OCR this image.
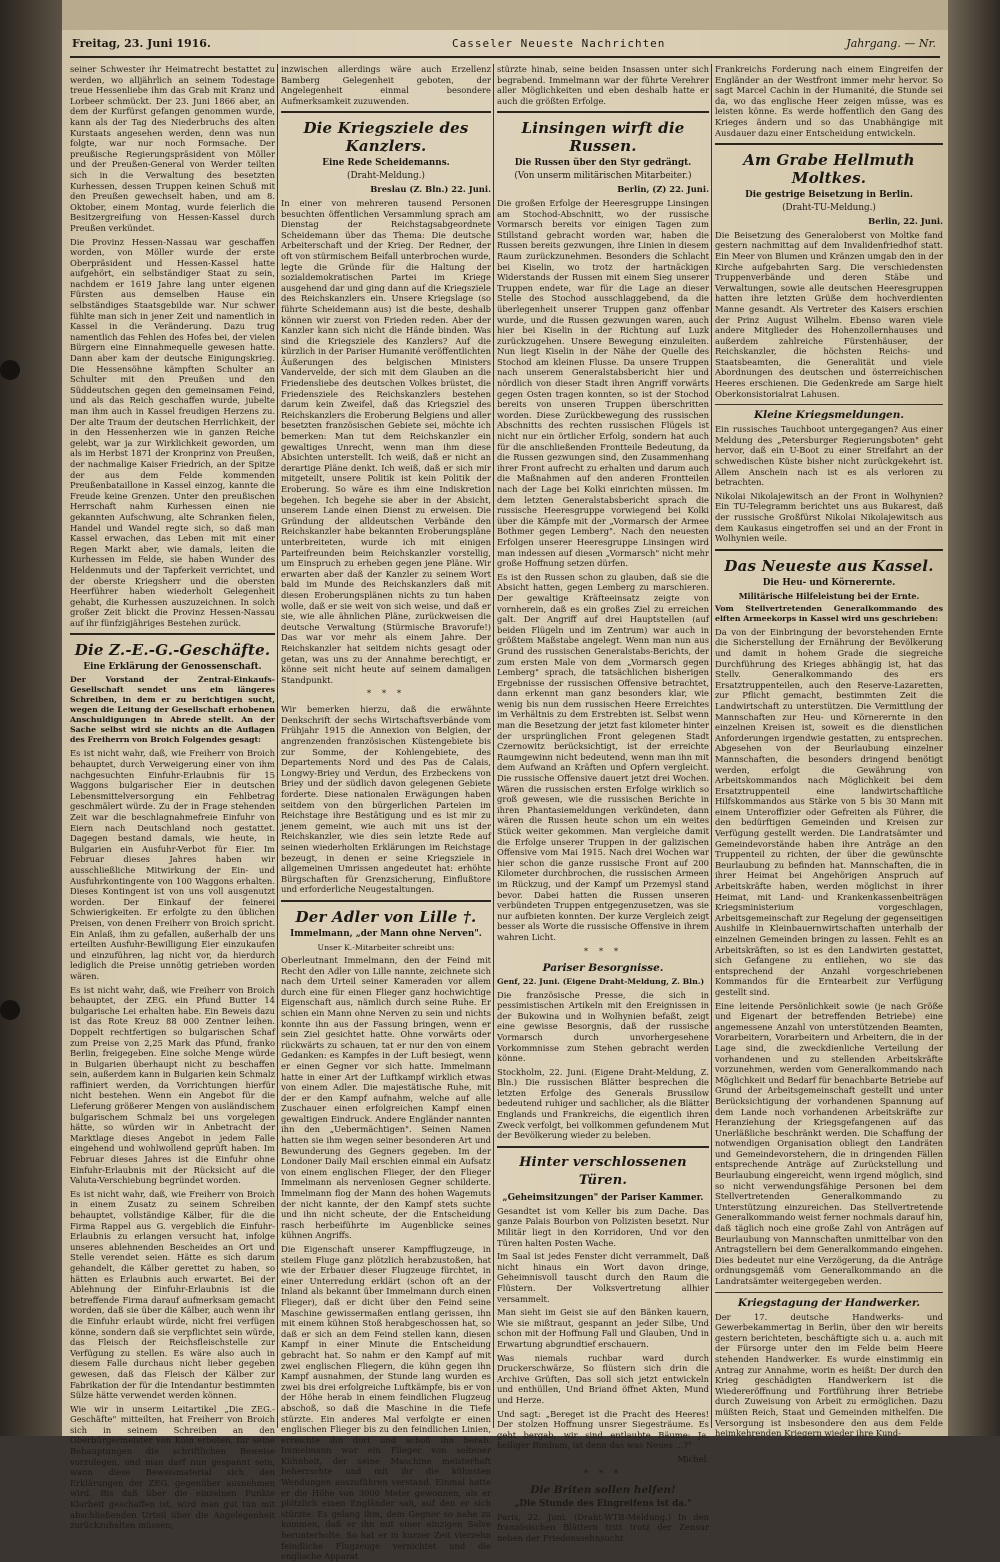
Freitag, 23. Juni 1916.	Casseler Neueste Nachrichten	Jahrgang. — Nr.

seiner Schwester ihr Heimatrecht bestattet zu werden, wo alljährlich an seinem Todestage treue Hessenliebe ihm das Grab mit Kranz und Lorbeer schmückt. Der 23. Juni 1866 aber, an dem der Kurfürst gefangen genommen wurde, kann als der Tag des Niederbruchs des alten Kurstaats angesehen werden, denn was nun folgte, war nur noch Formsache. Der preußische Regierungspräsident von Möller und der Preußen-General von Werder teilten sich in die Verwaltung des besetzten Kurhessen, dessen Truppen keinen Schuß mit den Preußen gewechselt haben, und am 8. Oktober, einem Montag, wurde feierlich die Besitzergreifung von Hessen-Kassel durch Preußen verkündet.

Die Provinz Hessen-Nassau war geschaffen worden, von Möller wurde der erste Oberpräsident und Hessen-Kassel hatte aufgehört, ein selbständiger Staat zu sein, nachdem er 1619 Jahre lang unter eigenen Fürsten aus demselben Hause ein selbständiges Staatsgebilde war. Nur schwer fühlte man sich in jener Zeit und namentlich in Kassel in die Veränderung. Dazu trug namentlich das Fehlen des Hofes bei, der vielen Bürgern eine Einnahmequelle gewesen hatte. Dann aber kam der deutsche Einigungskrieg. Die Hessensöhne kämpften Schulter an Schulter mit den Preußen und den Süddeutschen gegen den gemeinsamen Feind, und als das Reich geschaffen wurde, jubelte man ihm auch in Kassel freudigen Herzens zu. Der alte Traum der deutschen Herrlichkeit, der in den Hessenherzen wie in ganzen Reiche gelebt, war ja zur Wirklichkeit geworden, um als im Herbst 1871 der Kronprinz von Preußen, der nachmalige Kaiser Friedrich, an der Spitze der aus dem Felde kommenden Preußenbataillone in Kassel einzog, kannte die Freude keine Grenzen. Unter den preußischen Herrschaft nahm Kurhessen einen nie gekannten Aufschwung, alte Schranken fielen, Handel und Wandel regte sich, so daß man Kassel erwachen, das Leben mit mit einer Regen Markt aber, wie damals, leiten die Kurhessen im Felde, sie haben Wunder des Heldenmuts und der Tapferkeit verrichtet, und der oberste Kriegsherr und die obersten Heerführer haben wiederholt Gelegenheit gehabt, die Kurhessen auszuzeichnen. In solch großer Zeit blickt die Provinz Hessen-Nassau auf ihr fünfzigjähriges Bestehen zurück.

Die Z.-E.-G.-Geschäfte.
Eine Erklärung der Genossenschaft.

Der Vorstand der Zentral-Einkaufs-Gesellschaft sendet uns ein längeres Schreiben, in dem er zu berichtigen sucht, wegen die Leitung der Gesellschaft erhobenen Anschuldigungen in Abrede stellt. An der Sache selbst wird sie nichts an die Auflagen des Freiherrn von Broich Folgendes gesagt:

Es ist nicht wahr, daß, wie Freiherr von Broich behauptet, durch Verweigerung einer von ihm nachgesuchten Einfuhr-Erlaubnis für 15 Waggons bulgarischer Eier in deutschen Lebensmittelversorgung ein Fehlbetrag geschmälert würde. Zu der in Frage stehenden Zeit war die beschlagnahmefreie Einfuhr von Eiern nach Deutschland noch gestattet. Dagegen bestand damals, wie heute, in Bulgarien ein Ausfuhr-Verbot für Eier. Im Februar dieses Jahres haben wir ausschließliche Mitwirkung der Ein- und Ausfuhrkontingente von 100 Waggons erhalten. Dieses Kontingent ist von uns voll ausgenutzt worden. Der Einkauf der feinerei Schwierigkeiten. Er erfolgte zu den üblichen Preisen, von denen Freiherr von Broich spricht. Ein Anlaß, ihm zu gefallen, außerhalb der uns erteilten Ausfuhr-Bewilligung Eier einzukaufen und einzuführen, lag nicht vor, da hierdurch lediglich die Preise unnötig getrieben worden wären.

Es ist nicht wahr, daß, wie Freiherr von Broich behauptet, der ZEG. ein Pfund Butter 14 bulgarische Lei erhalten habe. Ein Beweis dazu ist das Rote Kreuz 88 000 Zentner leihen. Doppelt rechtfertigen so bulgarischen Schaf zum Preise von 2,25 Mark das Pfund, franko Berlin, freigegeben. Eine solche Menge würde in Bulgarien überhaupt nicht zu beschaffen sein, außerdem kann in Bulgarien kein Schmalz raffiniert werden, da Vorrichtungen hierfür nicht bestehen. Wenn ein Angebot für die Lieferung größerer Mengen von ausländischem bulgarischem Schmalz bei uns vorgelegen hätte, so würden wir in Anbetracht der Marktlage dieses Angebot in jedem Falle eingehend und wohlwollend geprüft haben. Im Februar dieses Jahres ist die Einfuhr ohne Einfuhr-Erlaubnis mit der Rücksicht auf die Valuta-Verschiebung begründet worden.

Es ist nicht wahr, daß, wie Freiherr von Broich in einem Zusatz zu seinem Schreiben behauptet, vollständige Kälber, für die die Firma Rappel aus G. vergeblich die Einfuhr-Erlaubnis zu erlangen versucht hat, infolge unseres ablehnenden Bescheides an Ort und Stelle verendet seien. Hätte es sich darum gehandelt, die Kälber gerettet zu haben, so hätten es Erlaubnis auch erwartet. Bei der Ablehnung der Einfuhr-Erlaubnis ist die betreffende Firma darauf aufmerksam gemacht worden, daß sie über die Kälber, auch wenn ihr die Einfuhr erlaubt würde, nicht frei verfügen könne, sondern daß sie verpflichtet sein würde, das Fleisch der Reichsfleischstelle zur Verfügung zu stellen. Es wäre also auch in diesem Falle durchaus nicht lieber gegeben gewesen, daß das Fleisch der Kälber zur Fabrikation der für die Intendantur bestimmten Sülze hätte verwendet werden können.

Wie wir in unserm Leitartikel „Die ZEG.-Geschäfte" mitteilten, hat Freiherr von Broich sich in seinem Schreiben an den Oberbürgermeister von Köln erboten, für seine Behauptungen die schriftlichen Beweise vorzulegen, und man darf nun gespannt sein, wann diese Beweismaterial sich den Erklärungen der ZEG. gegenüber ausnehmen wird. Bis daß über die einzelnen Punkte Klarheit geschaffen ist, wird man gut tun mit abschließenden Urteil über die Angelegenheit zurückzuhalten müssen;

inzwischen allerdings wäre auch Erzellenz Bamberg Gelegenheit geboten, der Angelegenheit einmal besondere Aufmerksamkeit zuzuwenden.

Die Kriegsziele des Kanzlers.
Eine Rede Scheidemanns.
(Draht-Meldung.)

Breslau (Z. Bln.) 22. Juni.

In einer von mehreren tausend Personen besuchten öffentlichen Versammlung sprach am Dienstag der Reichstagsabgeordnete Scheidemann über das Thema: Die deutsche Arbeiterschaft und der Krieg. Der Redner, der oft von stürmischem Beifall unterbrochen wurde, legte die Gründe für die Haltung der sozialdemokratischen Partei im Kriege ausgehend dar und ging dann auf die Kriegsziele des Reichskanzlers ein. Unsere Kriegslage (so führte Scheidemann aus) ist die beste, deshalb können wir zuerst von Frieden reden. Aber der Kanzler kann sich nicht die Hände binden. Was sind die Kriegsziele des Kanzlers? Auf die kürzlich in der Pariser Humanité veröffentlichten Äußerungen des belgischen Ministers Vandervelde, der sich mit dem Glauben an die Friedensliebe des deutschen Volkes brüstet, die Friedensziele des Reichskanzlers bestehen darum kein Zweifel, daß das Kriegsziel des Reichskanzlers die Eroberung Belgiens und aller besetzten französischen Gebiete sei, möchte ich bemerken: Man tut dem Reichskanzler ein gewaltiges Unrecht, wenn man ihm diese Absichten unterstellt. Ich weiß, daß er nicht an derartige Pläne denkt. Ich weiß, daß er sich mir mitgeteilt, unsere Politik ist kein Politik der Eroberung. So wäre es ihm eine Indiskretion begehen. Ich begehe sie aber in der Absicht, unserem Lande einen Dienst zu erweisen. Die Gründung der alldeutschen Verbände den Reichskanzler habe bekannten Eroberungspläne unterbreiteten, wurde ich mit einigen Parteifreunden beim Reichskanzler vorstellig, um Einspruch zu erheben gegen jene Pläne. Wir erwarten aber daß der Kanzler zu seinem Wort bald im Munde des Reichskanzlers daß mit diesen Eroberungsplänen nichts zu tun haben wolle, daß er sie weit von sich weise, und daß er sie, wie alle ähnlichen Pläne, zurückweisen die deutsche Verwaltung (Stürmische Bravorufe!) Das war vor mehr als einem Jahre. Der Reichskanzler hat seitdem nichts gesagt oder getan, was uns zu der Annahme berechtigt, er könne seit nicht heute auf seinem damaligen Standpunkt.

* * *

Wir bemerken hierzu, daß die erwähnte Denkschrift der sechs Wirtschaftsverbände vom Frühjahr 1915 die Annexion von Belgien, der angrenzenden französischen Küstengebiete bis zur Somme, der Kohlengebiete, des Departements Nord und des Pas de Calais, Longwy-Briey und Verdun, des Erzbeckens von Briey und der südlich davon gelegenen Gebiete forderte. Diese nationalen Erwägungen haben seitdem von den bürgerlichen Parteien im Reichstage ihre Bestätigung und es ist mir zu jenem gemeint, wie auch mit uns ist der Reichskanzler, wie dies sein letzte Rede auf seinen wiederholten Erklärungen im Reichstage bezeugt, in denen er seine Kriegsziele in allgemeinen Umrissen angedeutet hat: erhöhte Bürgschaften für Grenzsicherung, Einflußtore und erforderliche Neugestaltungen.

Der Adler von Lille †.
Immelmann, „der Mann ohne Nerven".
Unser K.-Mitarbeiter schreibt uns:

Oberleutnant Immelmann, den der Feind mit Recht den Adler von Lille nannte, zeichnete sich nach dem Urteil seiner Kameraden vor allem durch eine für einen Flieger ganz hochwichtige Eigenschaft aus, nämlich durch seine Ruhe. Er schien ein Mann ohne Nerven zu sein und nichts konnte ihn aus der Fassung bringen, wenn er sein Ziel gesichtet hatte. Ohne vorwärts oder rückwärts zu schauen, tat er nur den von einem Gedanken: es Kampfes in der Luft besiegt, wenn er einen Gegner vor sich hatte. Immelmann hatte in einer Art der Luftkampf wirklich etwas von einem Adler. Die majestätische Ruhe, mit der er den Kampf aufnahm, welche auf alle Zuschauer einen erfolgreichen Kampf einen gewaltigen Eindruck. Andere Engländer nannten ihn den „Uebermächtigen". Seinen Namen hatten sie ihm wegen seiner besonderen Art und Bewunderung des Gegners gegeben. Im der Londoner Daily Mail erschien einmal ein Aufsatz von einem englischen Flieger, der den Flieger Immelmann als nervenlosen Gegner schilderte. Immelmann flog der Mann des hohen Wagemuts der nicht kannte, der den Kampf stets suchte und ihn nicht scheute, der die Entscheidung rasch herbeiführte im Augenblicke seines kühnen Angriffs.

Die Eigenschaft unserer Kampfflugzeuge, in steilem Fluge ganz plötzlich herabzustoßen, hat wie der Erbauer dieser Flugzeuge fürchtet, in einer Unterredung erklärt (schon oft an der Inland als bekannt über Immelmann durch einen Flieger), daß er dicht über den Feind seine Maschine gewissermaßen entlang gerissen, ihn mit einem kühnen Stoß herabgeschossen hat, so daß er sich an dem Feind stellen kann, diesen Kampf in einer Minute die Entscheidung gebracht hat. So nahm er den Kampf auf mit zwei englischen Fliegern, die kühn gegen ihn Kampf ausnahmen, der Stunde lang wurden es zwei bis drei erfolgreiche Luftkämpfe, bis er von der Höhe herab in einem feindlichen Flugzeug abschoß, so daß die Maschine in die Tiefe stürzte. Ein anderes Mal verfolgte er einen englischen Flieger bis zu den feindlichen Linien, erreichte ihn dort und schoß ihn herab. Immelmann war ein Flieger von seltener Kühnheit, der seine Maschine meisterhaft beherrschte und mit ihr die kühnsten Wendungen auszuführen verstand. Einmal hatte er die Höhe von 3000 Meter gewonnen, als er plötzlich einen Engländer sah, auf den er sich stürzte. Es gelang ihm, dem Gegner so nahe zu kommen, daß er ihn mit einer einzigen Salve herunterholte. So hat er in kurzer Zeit vierzehn feindliche Flugzeuge vernichtet und die englische Apparat

stürzte hinab, seine beiden Insassen unter sich begrabend. Immelmann war der führte Verehrer aller Möglichkeiten und eben deshalb hatte er auch die größten Erfolge.

Linsingen wirft die Russen.
Die Russen über den Styr gedrängt.
(Von unserm militärischen Mitarbeiter.)

Berlin, (Z) 22. Juni.

Die großen Erfolge der Heeresgruppe Linsingen am Stochod-Abschnitt, wo der russische Vormarsch bereits vor einigen Tagen zum Stillstand gebracht worden war, haben die Russen bereits gezwungen, ihre Linien in diesem Raum zurückzunehmen. Besonders die Schlacht bei Kiselin, wo trotz der hartnäckigen Widerstands der Russen mit einem Sieg unserer Truppen endete, war für die Lage an dieser Stelle des Stochod ausschlaggebend, da die überlegenheit unserer Truppen ganz offenbar wurde, und die Russen gezwungen waren, auch hier bei Kiselin in der Richtung auf Luzk zurückzugehen. Unsere Bewegung einzuleiten. Nun liegt Kiselin in der Nähe der Quelle des Stochod am kleinen Flusse. Da unsere Truppen nach unserem Generalstabsbericht hier und nördlich von dieser Stadt ihren Angriff vorwärts gegen Osten tragen konnten, so ist der Stochod bereits von unseren Truppen überschritten worden. Diese Zurückbewegung des russischen Abschnitts des rechten russischen Flügels ist nicht nur ein örtlicher Erfolg, sondern hat auch für die anschließenden Frontteile Bedeutung, da die Russen gezwungen sind, den Zusammenhang ihrer Front aufrecht zu erhalten und darum auch die Maßnahmen auf den anderen Frontteilen nach der Lage bei Kolki einrichten müssen. Im dem letzten Generalstabsbericht sprach die russische Heeresgruppe vorwiegend bei Kolki über die Kämpfe mit der „Vormarsch der Armee Bothmer gegen Lemberg". Nach den neuesten Erfolgen unserer Heeresgruppe Linsingen wird man indessen auf diesen „Vormarsch" nicht mehr große Hoffnung setzen dürfen.

Es ist den Russen schon zu glauben, daß sie die Absicht hatten, gegen Lemberg zu marschieren. Der gewaltige Kräfteeinsatz zeigte von vornherein, daß es ein großes Ziel zu erreichen galt. Der Angriff auf drei Hauptstellen (auf beiden Flügeln und im Zentrum) war auch in größtem Maßstabe angelegt. Wenn man nun aus Grund des russischen Generalstabs-Berichts, der zum ersten Male von dem „Vormarsch gegen Lemberg" sprach, die tatsächlichen bisherigen Ergebnisse der russischen Offensive betrachtet, dann erkennt man ganz besonders klar, wie wenig bis nun dem russischen Heere Erreichtes im Verhältnis zu dem Erstrebten ist. Selbst wenn man die Besetzung der jetzt fast kilometer hinter der ursprünglichen Front gelegenen Stadt Czernowitz berücksichtigt, ist der erreichte Raumgewinn nicht bedeutend, wenn man ihn mit dem Aufwand an Kräften und Opfern vergleicht. Die russische Offensive dauert jetzt drei Wochen. Wären die russischen ersten Erfolge wirklich so groß gewesen, wie die russischen Berichte in ihren Phantasiemeldungen verkündeten, dann wären die Russen heute schon um ein weites Stück weiter gekommen. Man vergleiche damit die Erfolge unserer Truppen in der galizischen Offensive vom Mai 1915. Nach drei Wochen war hier schon die ganze russische Front auf 200 Kilometer durchbrochen, die russischen Armeen im Rückzug, und der Kampf um Przemysl stand bevor. Dabei hatten die Russen unseren verbündeten Truppen entgegenzusetzen, was sie nur aufbieten konnten. Der kurze Vergleich zeigt besser als Worte die russische Offensive in ihrem wahren Licht.

* * *
Pariser Besorgnisse.

Genf, 22. Juni. (Eigene Draht-Meldung, Z. Bln.)

Die französische Presse, die sich in pessimistischen Artikeln mit den Ereignissen in der Bukowina und in Wolhynien befaßt, zeigt eine gewisse Besorgnis, daß der russische Vormarsch durch unvorhergesehene Vorkommnisse zum Stehen gebracht werden könne.

Stockholm, 22. Juni. (Eigene Draht-Meldung, Z. Bln.) Die russischen Blätter besprechen die letzten Erfolge des Generals Brussilow bedeutend ruhiger und sachlicher, als die Blätter Englands und Frankreichs, die eigentlich ihren Zweck verfolgt, bei vollkommen gefundenem Mut der Bevölkerung wieder zu beleben.

Hinter verschlossenen Türen.
„Geheimsitzungen" der Pariser Kammer.

Gesandtet ist vom Keller bis zum Dache. Das ganze Palais Bourbon von Polizisten besetzt. Nur Militär liegt in den Korridoren, Und vor den Türen halten Posten Wache.

Im Saal ist jedes Fenster dicht verrammelt, Daß nicht hinaus ein Wort davon dringe, Geheimnisvoll tauscht durch den Raum die Flüstern. Der Volksvertretung allhier versammelt.

Man sieht im Geist sie auf den Bänken kauern, Wie sie mißtraut, gespannt an jeder Silbe, Und schon mit der Hoffnung Fall und Glauben, Und in Erwartung abgrundtief erschauern.

Was niemals ruchbar ward durch Druckerschwärze, So flüstern sich drin die Archive Grüften, Das soll sich jetzt entwickeln und enthüllen, Und Briand öffnet Akten, Mund und Herze.

Und sagt: „Bereget ist die Pracht des Heeres! Der stolzen Hoffnung unsrer Siegesträume. Es geht bergab, wir sind entlaubte Bäume: Ja, heiliger Bimbam, ist denn das was Neues ...?"

Michel.

* * *
Die Briten sollen helfen!
„Die Stunde des Eingreifens ist da."

Paris, 22. Juni. (Draht-WTB-Meldung.) In den französischen Blättern tritt trotz der Zensur neben der Friedenssehnsucht

Frankreichs Forderung nach einem Eingreifen der Engländer an der Westfront immer mehr hervor. So sagt Marcel Cachin in der Humanité, die Stunde sei da, wo das englische Heer zeigen müsse, was es leisten könne. Es werde hoffentlich den Gang des Krieges ändern und so das Unabhängige mit Ausdauer dazu einer Entscheidung entwickeln.

Am Grabe Hellmuth Moltkes.
Die gestrige Beisetzung in Berlin.
(Draht-TU-Meldung.)

Berlin, 22. Juni.

Die Beisetzung des Generaloberst von Moltke fand gestern nachmittag auf dem Invalidenfriedhof statt. Ein Meer von Blumen und Kränzen umgab den in der Kirche aufgebahrten Sarg. Die verschiedensten Truppenverbände und deren Stäbe und Verwaltungen, sowie alle deutschen Heeresgruppen hatten ihre letzten Grüße dem hochverdienten Manne gesandt. Als Vertreter des Kaisers erschien der Prinz August Wilhelm. Ebenso waren viele andere Mitglieder des Hohenzollernhauses und außerdem zahlreiche Fürstenhäuser, der Reichskanzler, die höchsten Reichs- und Staatsbeamten, die Generalität und viele Abordnungen des deutschen und österreichischen Heeres erschienen. Die Gedenkrede am Sarge hielt Oberkonsistorialrat Lahusen.

Kleine Kriegsmeldungen.

Ein russisches Tauchboot untergegangen? Aus einer Meldung des „Petersburger Regierungsboten" geht hervor, daß ein U-Boot zu einer Streifahrt an der schwedischen Küste bisher nicht zurückgekehrt ist. Allem Anschein nach ist es als verloren zu betrachten.

Nikolai Nikolajewitsch an der Front in Wolhynien? Ein TU-Telegramm berichtet uns aus Bukarest, daß der russische Großfürst Nikolai Nikolajewitsch aus dem Kaukasus eingetroffen sei und an der Front in Wolhynien weile.

Das Neueste aus Kassel.
Die Heu- und Körnerernte.
Militärische Hilfeleistung bei der Ernte.

Vom Stellvertretenden Generalkommando des elften Armeekorps in Kassel wird uns geschrieben:

Da von der Einbringung der bevorstehenden Ernte die Sicherstellung der Ernährung der Bevölkerung und damit in hohem Grade die siegreiche Durchführung des Krieges abhängig ist, hat das Stellv. Generalkommando des ers Ersatztruppenteilen, auch den Reserve-Lazaretten, zur Pflicht gemacht, bestimmten Zeit die Landwirtschaft zu unterstützen. Die Vermittlung der Mannschaften zur Heu- und Körnerernte in den einzelnen Kreisen ist, soweit es die dienstlichen Anforderungen irgendwie gestatten, zu entsprechen. Abgesehen von der Beurlaubung einzelner Mannschaften, die besonders dringend benötigt werden, erfolgt die Gewährung von Arbeitskommandos nach Möglichkeit bei dem Ersatztruppenteil eine landwirtschaftliche Hilfskommandos aus Stärke von 5 bis 30 Mann mit einem Unteroffizier oder Gefreiten als Führer, die den bedürftigen Gemeinden und Kreisen zur Verfügung gestellt werden. Die Landratsämter und Gemeindevorstände haben ihre Anträge an den Truppenteil zu richten, der über die gewünschte Beurlaubung zu befinden hat. Mannschaften, die in ihrer Heimat bei Angehörigen Anspruch auf Arbeitskräfte haben, werden möglichst in ihrer Heimat, mit Land- und Krankenkassenbeiträgen Kriegsministerium vorgeschlagen, Arbeitsgemeinschaft zur Regelung der gegenseitigen Aushilfe in Kleinbauernwirtschaften unterhalb der einzelnen Gemeinden bringen zu lassen. Fehlt es an Arbeitskräften, so ist es den Landwirten gestattet, sich Gefangene zu entliehen, wo sie das entsprechend der Anzahl vorgeschriebenen Kommandos für die Erntearbeit zur Verfügung gestellt sind.

Eine leitende Persönlichkeit sowie (je nach Größe und Eigenart der betreffenden Betriebe) eine angemessene Anzahl von unterstützenden Beamten, Vorarbeitern, Vorarbeitern und Arbeitern, die in der Lage sind, die zweckdienliche Verteilung der vorhandenen und zu stellenden Arbeitskräfte vorzunehmen, werden vom Generalkommando nach Möglichkeit und Bedarf für benachbarte Betriebe auf Grund der Arbeitsgemeinschaft gestellt und unter Berücksichtigung der vorhandenen Spannung auf dem Lande noch vorhandenen Arbeitskräfte zur Heranziehung der Kriegsgefangenen auf das Unerläßliche beschränkt werden. Die Schaffung der notwendigen Organisation obliegt den Landräten und Gemeindevorstehern, die in dringenden Fällen entsprechende Anträge auf Zurückstellung und Beurlaubung eingereicht, wenn irgend möglich, sind so nicht verwendungsfähige Personen bei dem Stellvertretenden Generalkommando zu Unterstützung einzureichen. Das Stellvertretende Generalkommando weist ferner nochmals darauf hin, daß täglich noch eine große Zahl von Anträgen auf Beurlaubung von Mannschaften unmittelbar von den Antragstellern bei dem Generalkommando eingehen. Dies bedeutet nur eine Verzögerung, da die Anträge ordnungsgemäß vom Generalkommando an die Landratsämter weitergegeben werden.

Kriegstagung der Handwerker.

Der 17. deutsche Handwerks- und Gewerbekammertag in Berlin, über den wir bereits gestern berichteten, beschäftigte sich u. a. auch mit der Fürsorge unter den im Felde beim Heere stehenden Handwerker. Es wurde einstimmig ein Antrag zur Annahme, worin es heißt: Der durch den Krieg geschädigten Handwerkern ist die Wiedereröffnung und Fortführung ihrer Betriebe durch Zuweisung von Arbeit zu ermöglichen. Dazu müßten Reich, Staat und Gemeinden mithelfen. Die Versorgung ist insbesondere den aus dem Felde heimkehrenden Kriegern wieder ihre Kund-
